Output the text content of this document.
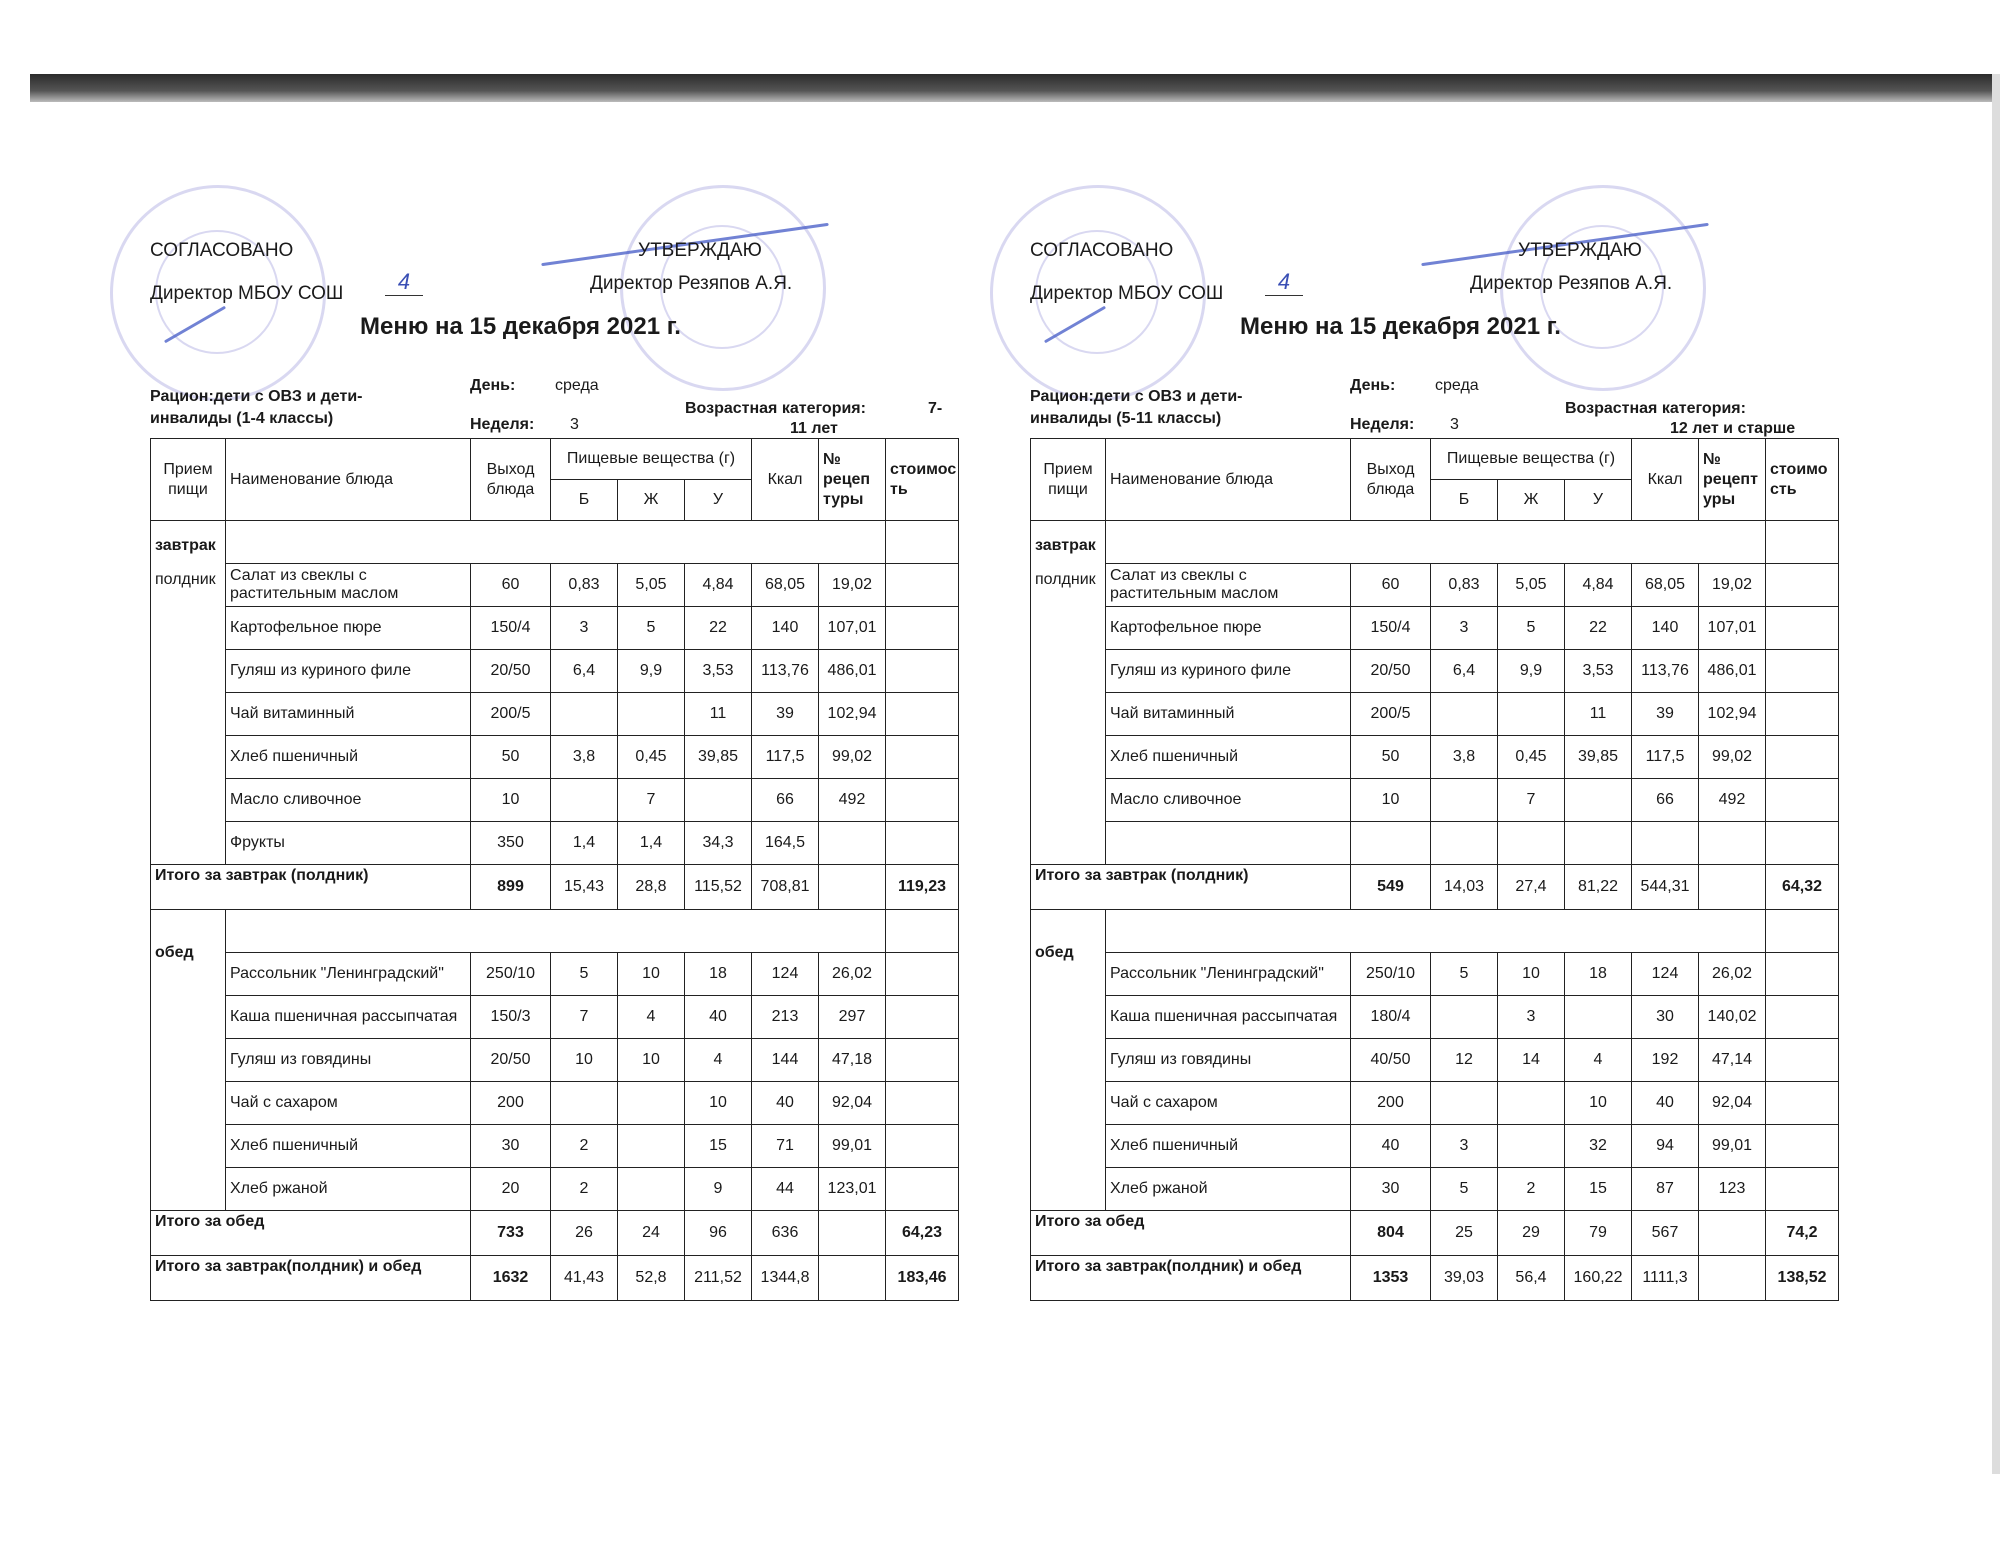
СОГЛАСОВАНО
Директор МБОУ СОШ	4
УТВЕРЖДАЮ
Директор Резяпов А.Я.
Меню на 15 декабря 2021 г.
Рацион:дети с ОВЗ и дети-
инвалиды (1-4 классы)
День: среда
Неделя: 3
Возрастная категория:	7-
11 лет
Прием пищи	Наименование блюда	Выход блюда	Пищевые вещества (г)			Ккал	№ рецеп туры	стоимос ть
			Б	Ж	У			

завтрак
полдник								

	Салат из свеклы с растительным маслом	60	0,83	5,05	4,84	68,05	19,02	
	Картофельное пюре	150/4	3	5	22	140	107,01	
	Гуляш из куриного филе	20/50	6,4	9,9	3,53	113,76	486,01	
	Чай витаминный	200/5			11	39	102,94	
	Хлеб пшеничный	50	3,8	0,45	39,85	117,5	99,02	
	Масло сливочное	10		7		66	492	
	Фрукты	350	1,4	1,4	34,3	164,5		
Итого за завтрак (полдник)		899	15,43	28,8	115,52	708,81		119,23
обед								
	Рассольник "Ленинградский"	250/10	5	10	18	124	26,02	
	Каша пшеничная рассыпчатая	150/3	7	4	40	213	297	
	Гуляш из говядины	20/50	10	10	4	144	47,18	
	Чай с сахаром	200			10	40	92,04	
	Хлеб пшеничный	30	2		15	71	99,01	
	Хлеб ржаной	20	2		9	44	123,01	
Итого за обед		733	26	24	96	636		64,23
Итого за завтрак(полдник) и обед		1632	41,43	52,8	211,52	1344,8		183,46
СОГЛАСОВАНО
Директор МБОУ СОШ	4
УТВЕРЖДАЮ
Директор Резяпов А.Я.
Меню на 15 декабря 2021 г.
Рацион:дети с ОВЗ и дети-
инвалиды (5-11 классы)
День: среда
Неделя: 3
Возрастная категория:
12 лет и старше
Прием пищи	Наименование блюда	Выход блюда	Пищевые вещества (г)			Ккал	№ рецепт уры	стоимо сть
			Б	Ж	У			

завтрак
полдник								

	Салат из свеклы с растительным маслом	60	0,83	5,05	4,84	68,05	19,02	
	Картофельное пюре	150/4	3	5	22	140	107,01	
	Гуляш из куриного филе	20/50	6,4	9,9	3,53	113,76	486,01	
	Чай витаминный	200/5			11	39	102,94	
	Хлеб пшеничный	50	3,8	0,45	39,85	117,5	99,02	
	Масло сливочное	10		7		66	492	

Итого за завтрак (полдник)		549	14,03	27,4	81,22	544,31		64,32
обед								
	Рассольник "Ленинградский"	250/10	5	10	18	124	26,02	
	Каша пшеничная рассыпчатая	180/4		3		30	140,02	
	Гуляш из говядины	40/50	12	14	4	192	47,14	
	Чай с сахаром	200			10	40	92,04	
	Хлеб пшеничный	40	3		32	94	99,01	
	Хлеб ржаной	30	5	2	15	87	123	
Итого за обед		804	25	29	79	567		74,2
Итого за завтрак(полдник) и обед		1353	39,03	56,4	160,22	1111,3		138,52
